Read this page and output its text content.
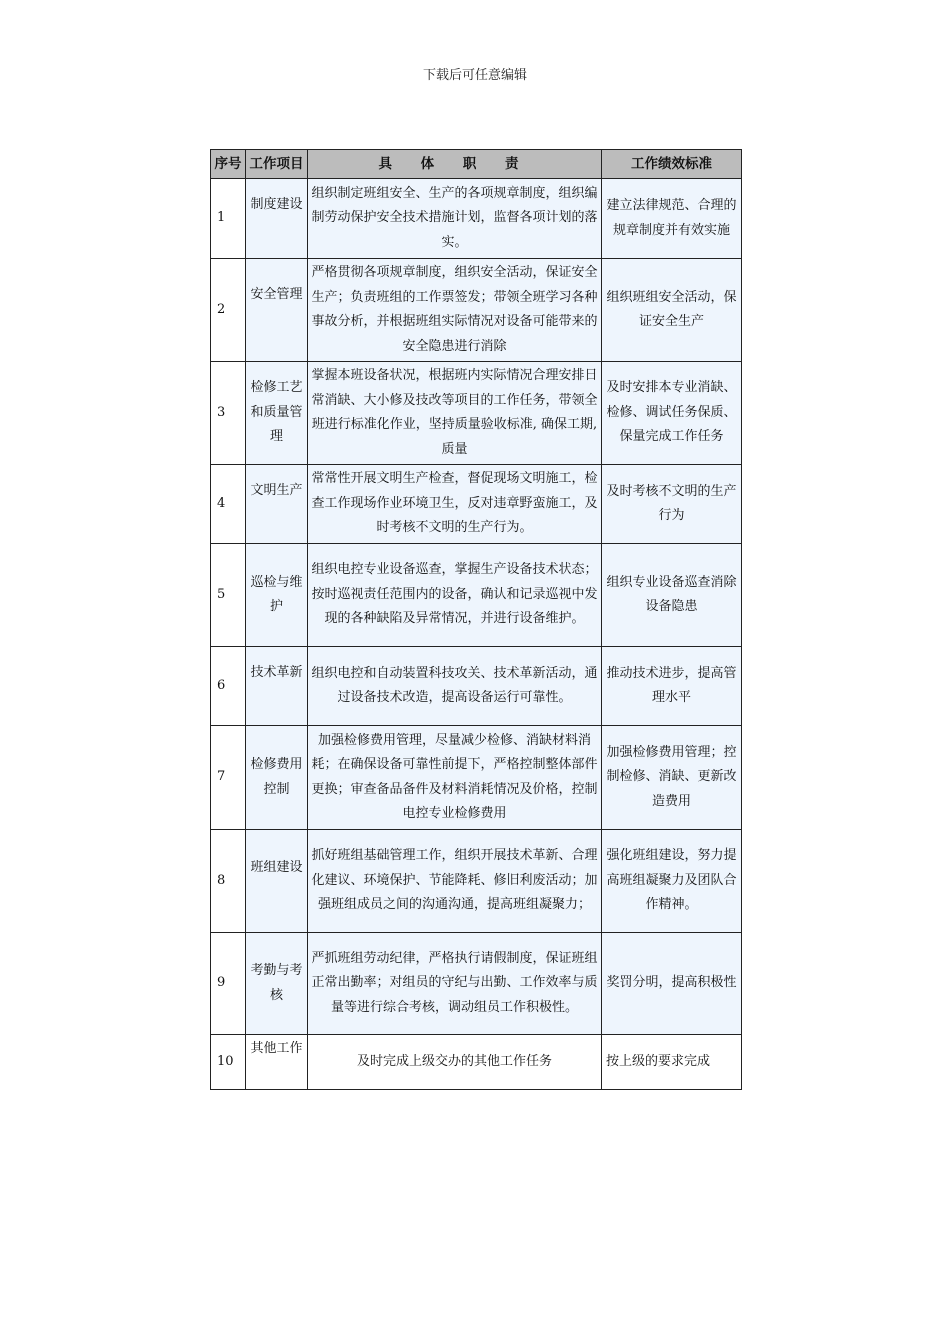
下载后可任意编辑
序号	工作项目	具 体 职 责	工作绩效标准
1	制度建设	组织制定班组安全、生产的各项规章制度，组织编制劳动保护安全技术措施计划，监督各项计划的落实。	建立法律规范、合理的规章制度并有效实施
2	安全管理	严格贯彻各项规章制度，组织安全活动，保证安全生产；负责班组的工作票签发；带领全班学习各种事故分析，并根据班组实际情况对设备可能带来的安全隐患进行消除	组织班组安全活动，保证安全生产
3	检修工艺和质量管理	掌握本班设备状况，根据班内实际情况合理安排日常消缺、大小修及技改等项目的工作任务，带领全班进行标准化作业，坚持质量验收标准, 确保工期, 质量	及时安排本专业消缺、检修、调试任务保质、保量完成工作任务
4	文明生产	常常性开展文明生产检查，督促现场文明施工，检查工作现场作业环境卫生，反对违章野蛮施工，及时考核不文明的生产行为。	及时考核不文明的生产行为
5	巡检与维护	组织电控专业设备巡查，掌握生产设备技术状态；按时巡视责任范围内的设备，确认和记录巡视中发现的各种缺陷及异常情况，并进行设备维护。	组织专业设备巡查消除设备隐患
6	技术革新	组织电控和自动装置科技攻关、技术革新活动，通过设备技术改造，提高设备运行可靠性。	推动技术进步，提高管理水平
7	检修费用控制	加强检修费用管理，尽量减少检修、消缺材料消耗；在确保设备可靠性前提下，严格控制整体部件更换；审查备品备件及材料消耗情况及价格，控制电控专业检修费用	加强检修费用管理；控制检修、消缺、更新改造费用
8	班组建设	抓好班组基础管理工作，组织开展技术革新、合理化建议、环境保护、节能降耗、修旧利废活动；加强班组成员之间的沟通沟通，提高班组凝聚力；	强化班组建设，努力提高班组凝聚力及团队合作精神。
9	考勤与考核	严抓班组劳动纪律，严格执行请假制度，保证班组正常出勤率；对组员的守纪与出勤、工作效率与质量等进行综合考核，调动组员工作积极性。	奖罚分明，提高积极性
10	其他工作	及时完成上级交办的其他工作任务	按上级的要求完成
